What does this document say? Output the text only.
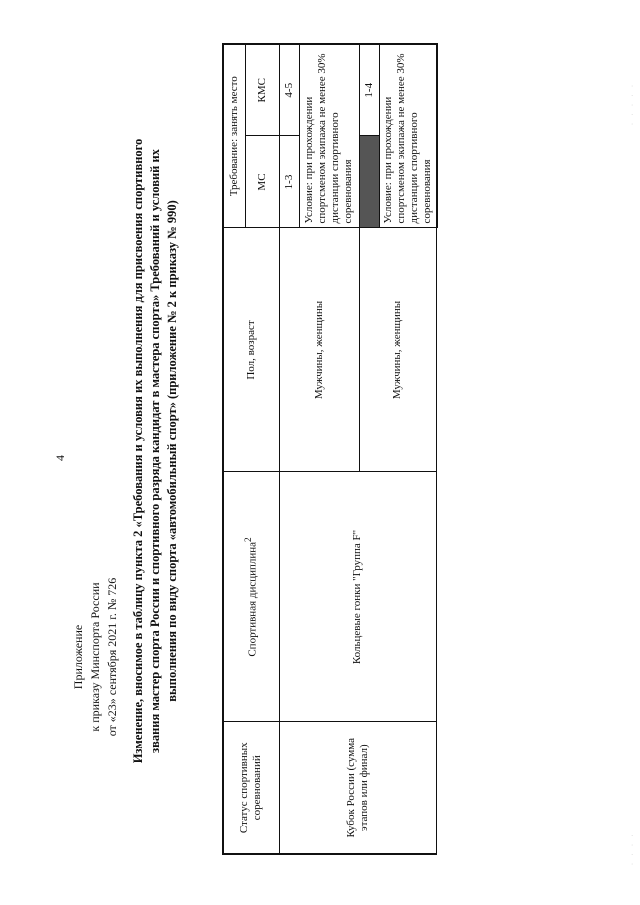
4
Приложение к приказу Минспорта России от «23» сентября 2021 г. № 726 Изменение, вносимое в таблицу пункта 2 «Требования и условия их выполнения для присвоения спортивного звания мастер спорта России и спортивного разряда кандидат в мастера спорта» Требований и условий их выполнения по виду спорта «автомобильный спорт» (приложение № 2 к приказу № 990)
Статус спортивных соревнований	Спортивная дисциплина$^2$	Пол, возраст	Требование: занять место	
			МС	КМС
Кубок России (сумма этапов или финал)	Кольцевые гонки "Группа F"	Мужчины, женщины	1-3	4-5
			Условие: при прохождении спортсменом экипажа не менее 30% дистанции спортивного соревнования	
		Мужчины, женщины		1-4
			Условие: при прохождении спортсменом экипажа не менее 30% дистанции спортивного соревнования	
· · · ·
· · · · ·
